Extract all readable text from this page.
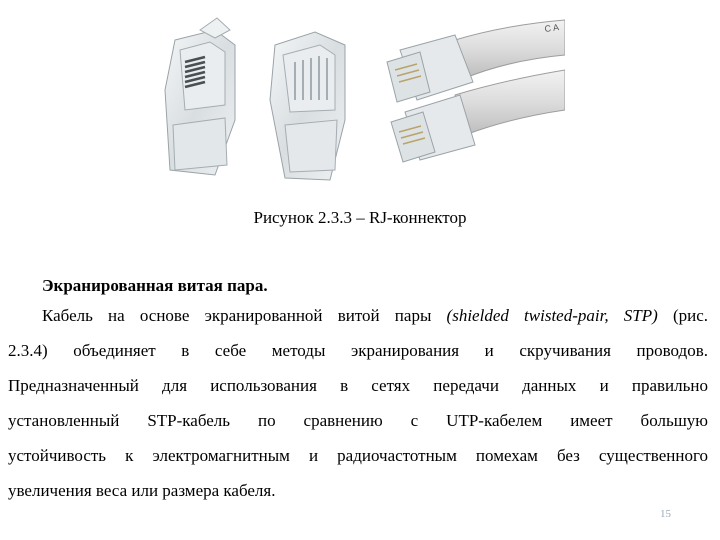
C A
Рисунок 2.3.3 – RJ-коннектор
Экранированная витая пара.
Кабель на основе экранированной витой пары (shielded twisted-pair, STP) (рис.
2.3.4) объединяет в себе методы экранирования и скручивания проводов.
Предназначенный для использования в сетях передачи данных и правильно
установленный STP-кабель по сравнению с UTP-кабелем имеет большую
устойчивость к электромагнитным и радиочастотным помехам без существенного
увеличения веса или размера кабеля.
15
